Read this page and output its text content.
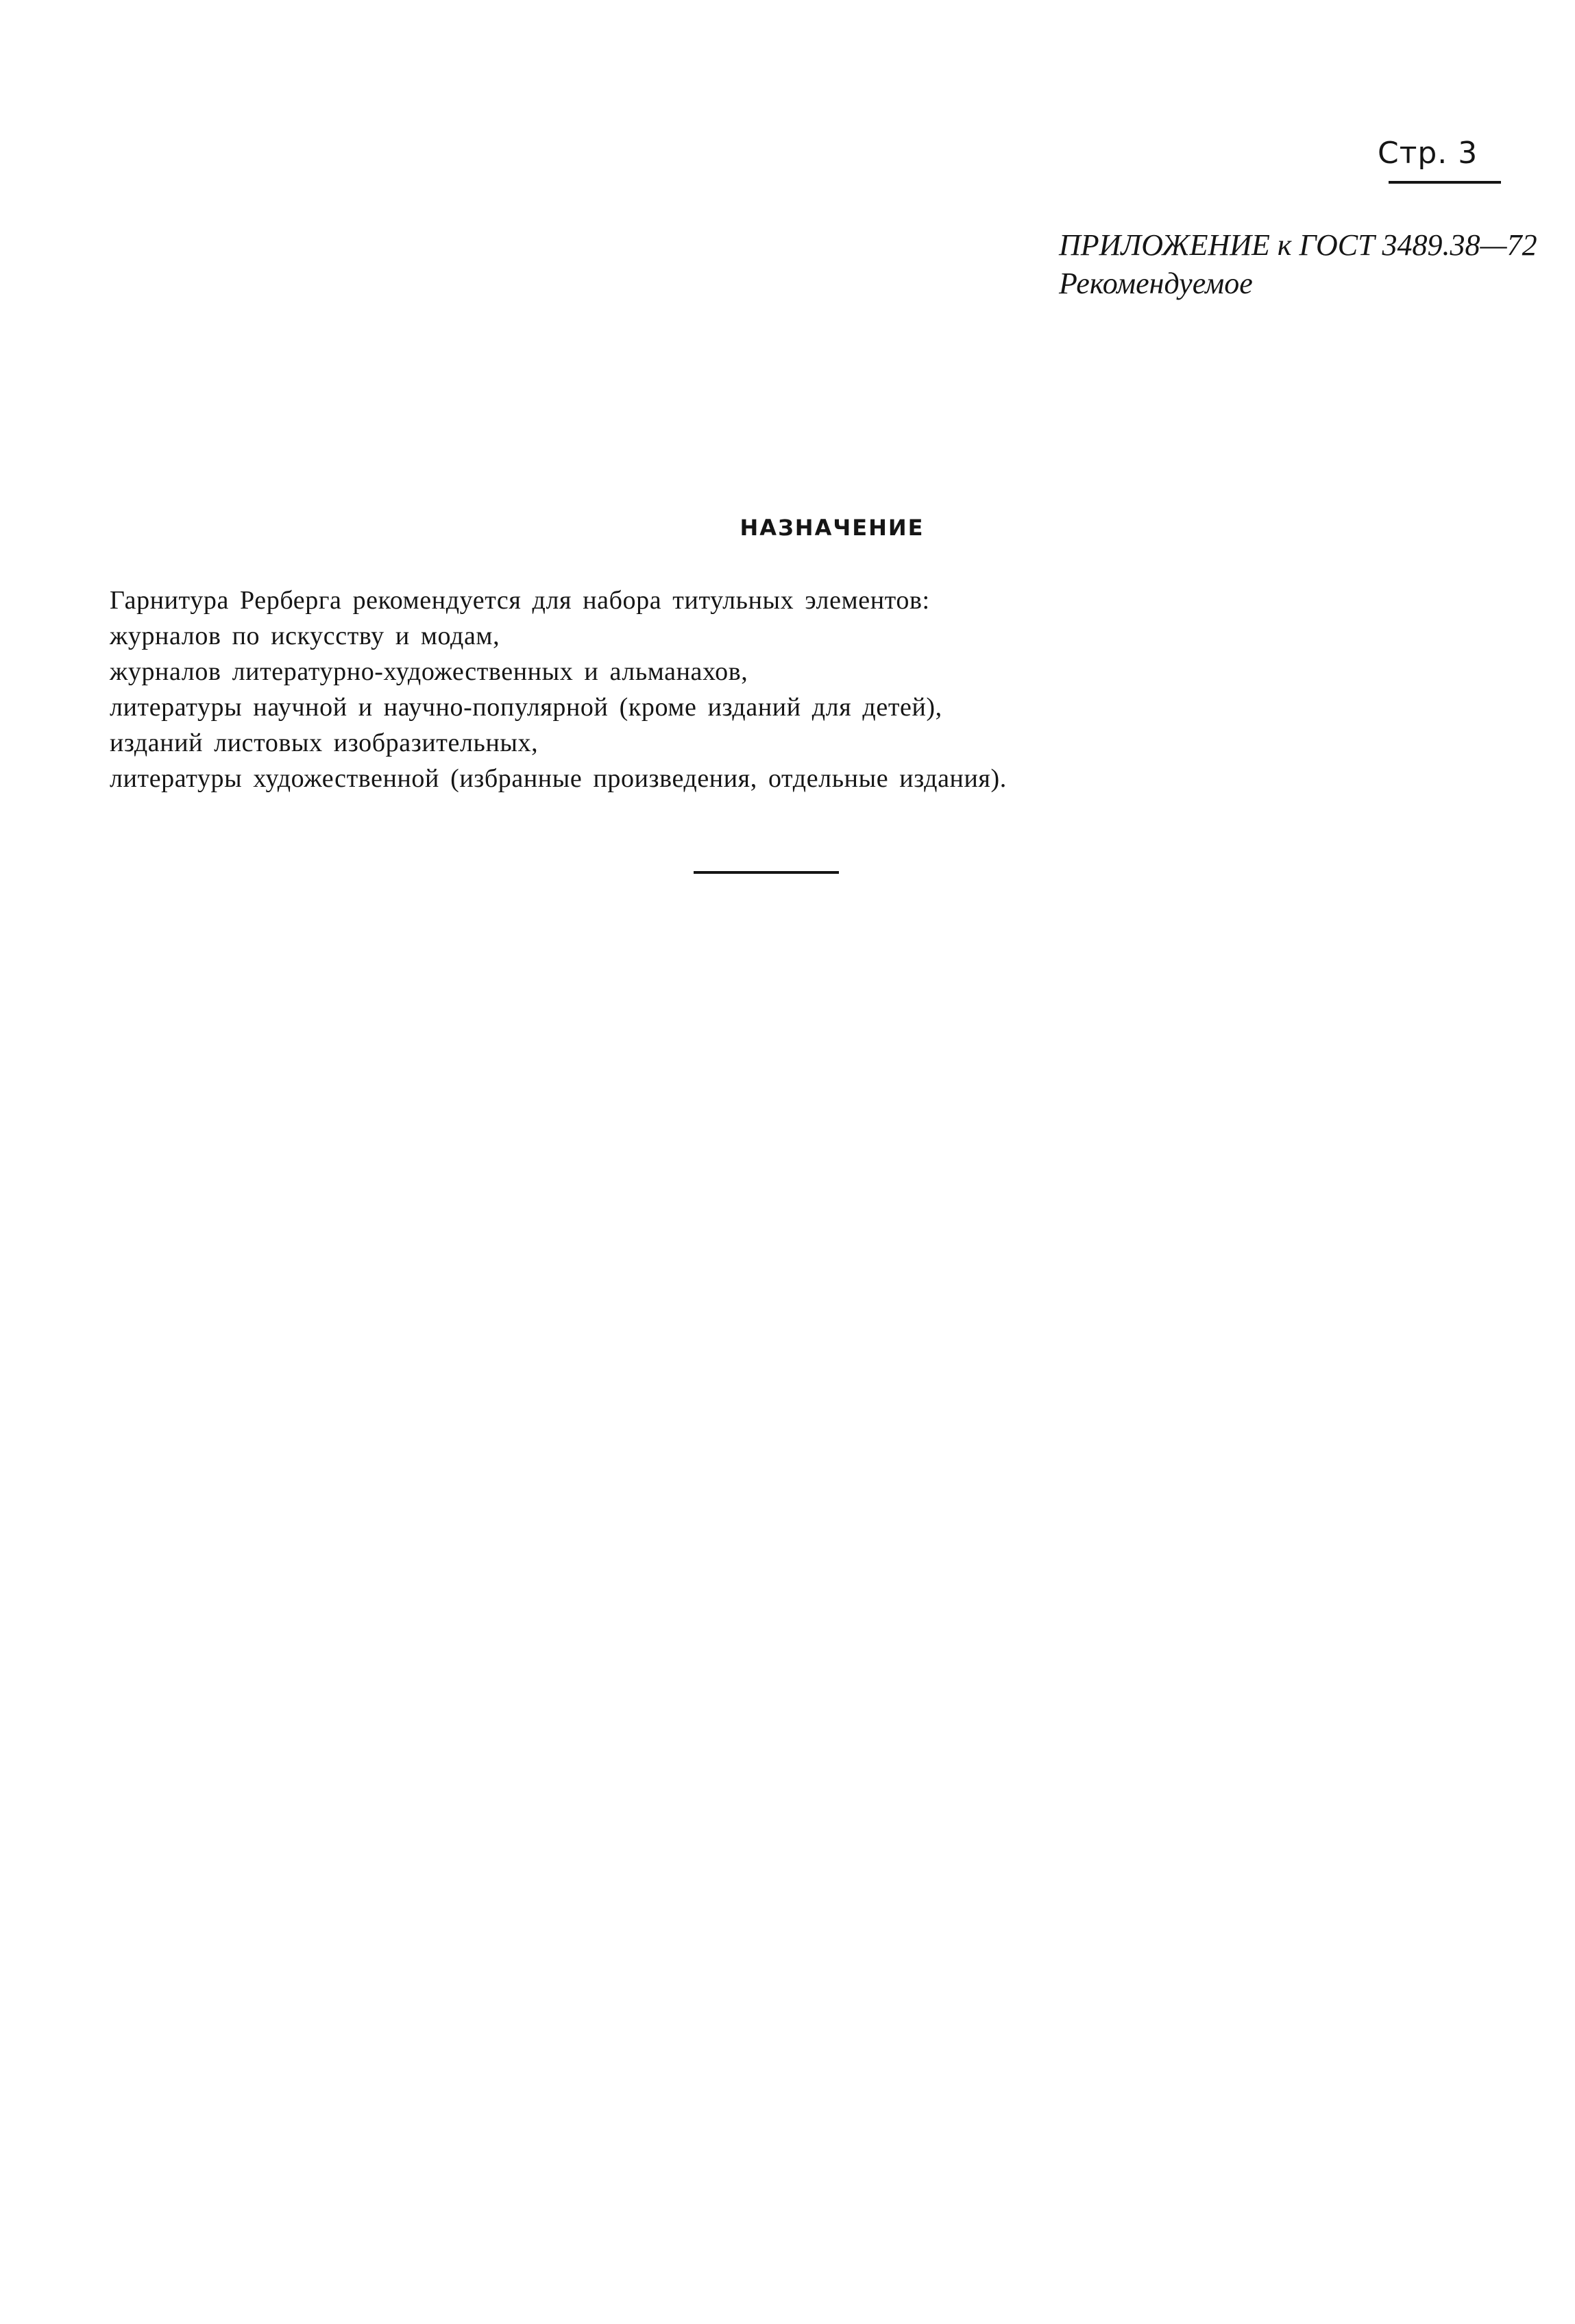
Стр. 3
ПРИЛОЖЕНИЕ к ГОСТ 3489.38—72
Рекомендуемое
НАЗНАЧЕНИЕ
Гарнитура Рерберга рекомендуется для набора титульных элементов:
журналов по искусству и модам,
журналов литературно-художественных и альманахов,
литературы научной и научно-популярной (кроме изданий для детей),
изданий листовых изобразительных,
литературы художественной (избранные произведения, отдельные издания).
